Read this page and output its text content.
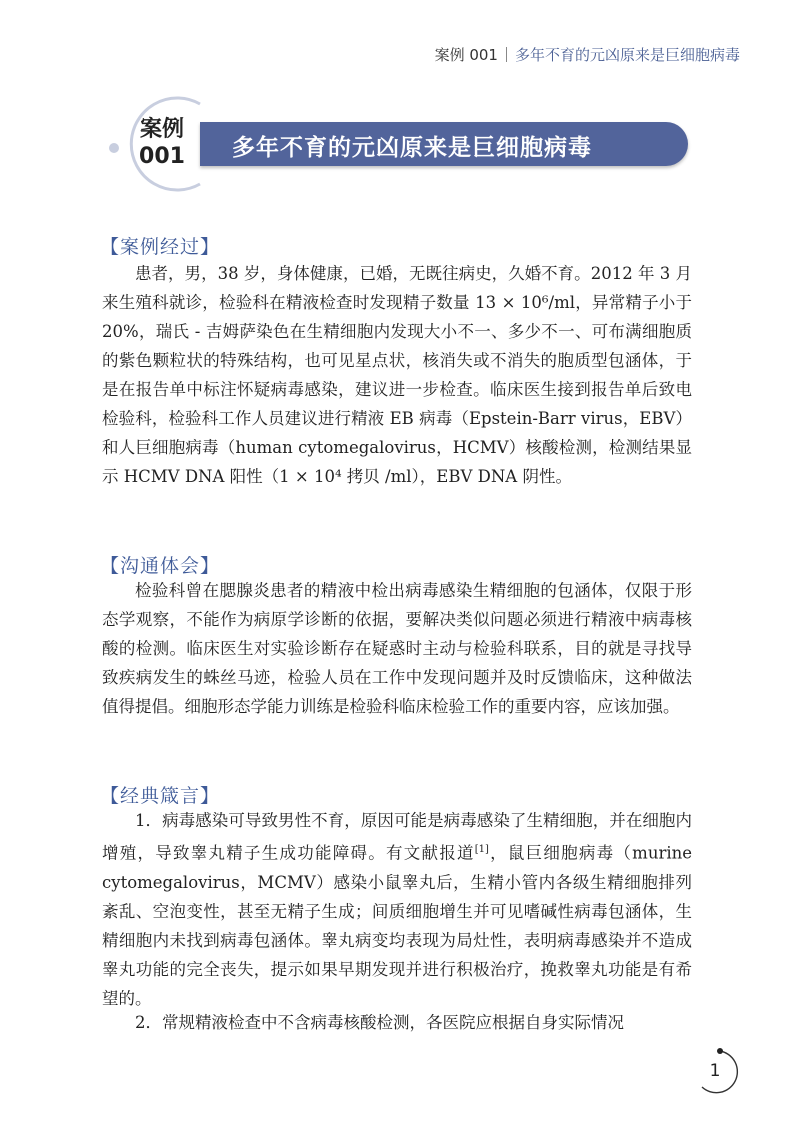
案例 001 多年不育的元凶原来是巨细胞病毒
案例
001	多年不育的元凶原来是巨细胞病毒
【案例经过】

患者，男，38 岁，身体健康，已婚，无既往病史，久婚不育。2012 年 3 月来生殖科就诊，检验科在精液检查时发现精子数量 13 × 10⁶/ml，异常精子小于 20%，瑞氏 - 吉姆萨染色在生精细胞内发现大小不一、多少不一、可布满细胞质的紫色颗粒状的特殊结构，也可见星点状，核消失或不消失的胞质型包涵体，于是在报告单中标注怀疑病毒感染，建议进一步检查。临床医生接到报告单后致电检验科，检验科工作人员建议进行精液 EB 病毒（Epstein-Barr virus，EBV）和人巨细胞病毒（human cytomegalovirus，HCMV）核酸检测，检测结果显示 HCMV DNA 阳性（1 × 10⁴ 拷贝 /ml），EBV DNA 阴性。

【沟通体会】

检验科曾在腮腺炎患者的精液中检出病毒感染生精细胞的包涵体，仅限于形态学观察，不能作为病原学诊断的依据，要解决类似问题必须进行精液中病毒核酸的检测。临床医生对实验诊断存在疑惑时主动与检验科联系，目的就是寻找导致疾病发生的蛛丝马迹，检验人员在工作中发现问题并及时反馈临床，这种做法值得提倡。细胞形态学能力训练是检验科临床检验工作的重要内容，应该加强。

【经典箴言】

1．病毒感染可导致男性不育，原因可能是病毒感染了生精细胞，并在细胞内增殖，导致睾丸精子生成功能障碍。有文献报道[1]，鼠巨细胞病毒（murine cytomegalovirus，MCMV）感染小鼠睾丸后，生精小管内各级生精细胞排列紊乱、空泡变性，甚至无精子生成；间质细胞增生并可见嗜碱性病毒包涵体，生精细胞内未找到病毒包涵体。睾丸病变均表现为局灶性，表明病毒感染并不造成睾丸功能的完全丧失，提示如果早期发现并进行积极治疗，挽救睾丸功能是有希望的。

2．常规精液检查中不含病毒核酸检测，各医院应根据自身实际情况

1
